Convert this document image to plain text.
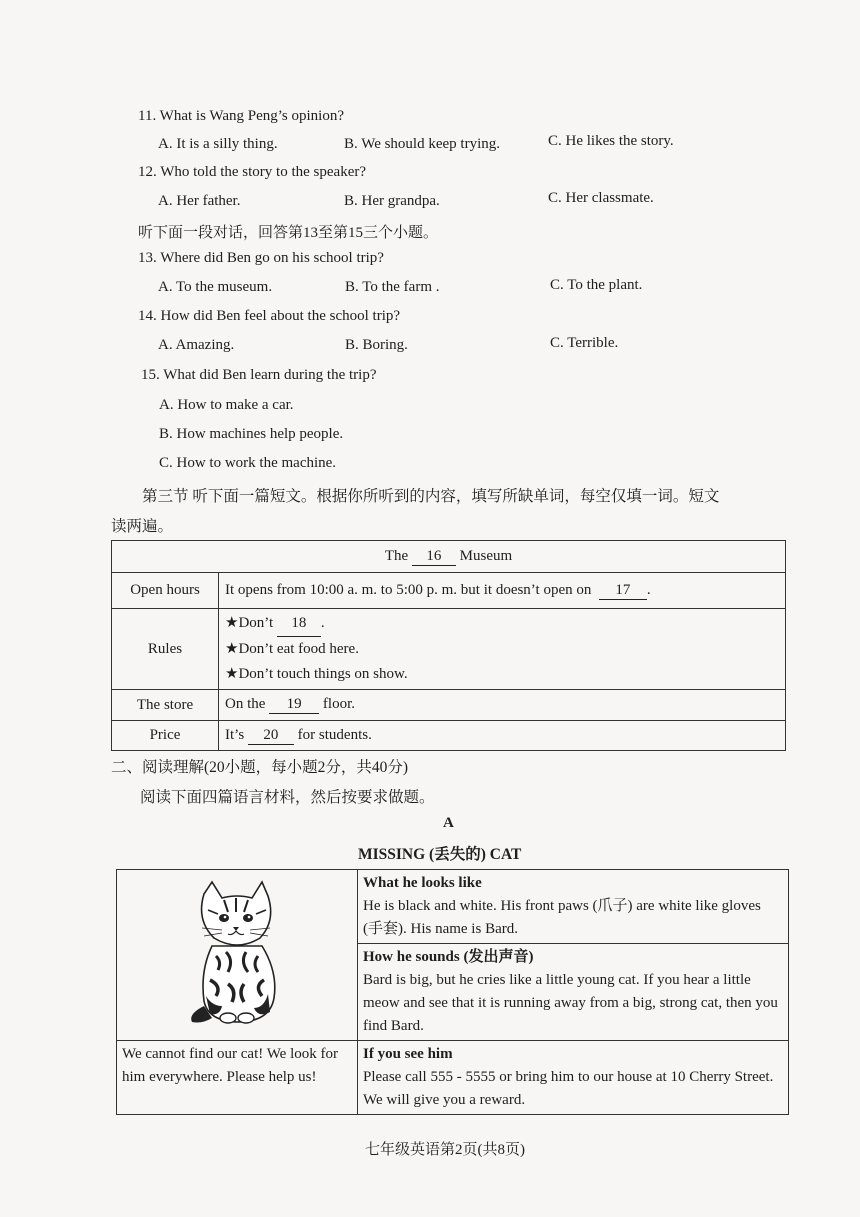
11. What is Wang Peng’s opinion?
A. It is a silly thing.	B. We should keep trying.	C. He likes the story.
12. Who told the story to the speaker?
A. Her father.	B. Her grandpa.	C. Her classmate.
听下面一段对话，回答第13至第15三个小题。
13. Where did Ben go on his school trip?
A. To the museum.	B. To the farm .	C. To the plant.
14. How did Ben feel about the school trip?
A. Amazing.	B. Boring.	C. Terrible.
15. What did Ben learn during the trip?
A. How to make a car.
B. How machines help people.
C. How to work the machine.
第三节 听下面一篇短文。根据你所听到的内容，填写所缺单词，每空仅填一词。短文
读两遍。
The 16 Museum	
Open hours	It opens from 10:00 a. m. to 5:00 p. m. but it doesn’t open on 17 .
Rules	★Don’t 18 .
★Don’t eat food here.
★Don’t touch things on show.

The store	On the 19 floor.
Price	It’s 20 for students.
二、阅读理解(20小题，每小题2分，共40分)
阅读下面四篇语言材料，然后按要求做题。
A
MISSING (丢失的) CAT

What he looks like
He is black and white. His front paws (爪子) are white like gloves (手套). His name is Bard.

	How he sounds (发出声音)
Bard is big, but he cries like a little young cat. If you hear a little meow and see that it is running away from a big, strong cat, then you find Bard.

We cannot find our cat! We look for him everywhere. Please help us!	If you see him
Please call 555 - 5555 or bring him to our house at 10 Cherry Street. We will give you a reward.
七年级英语第2页(共8页)
